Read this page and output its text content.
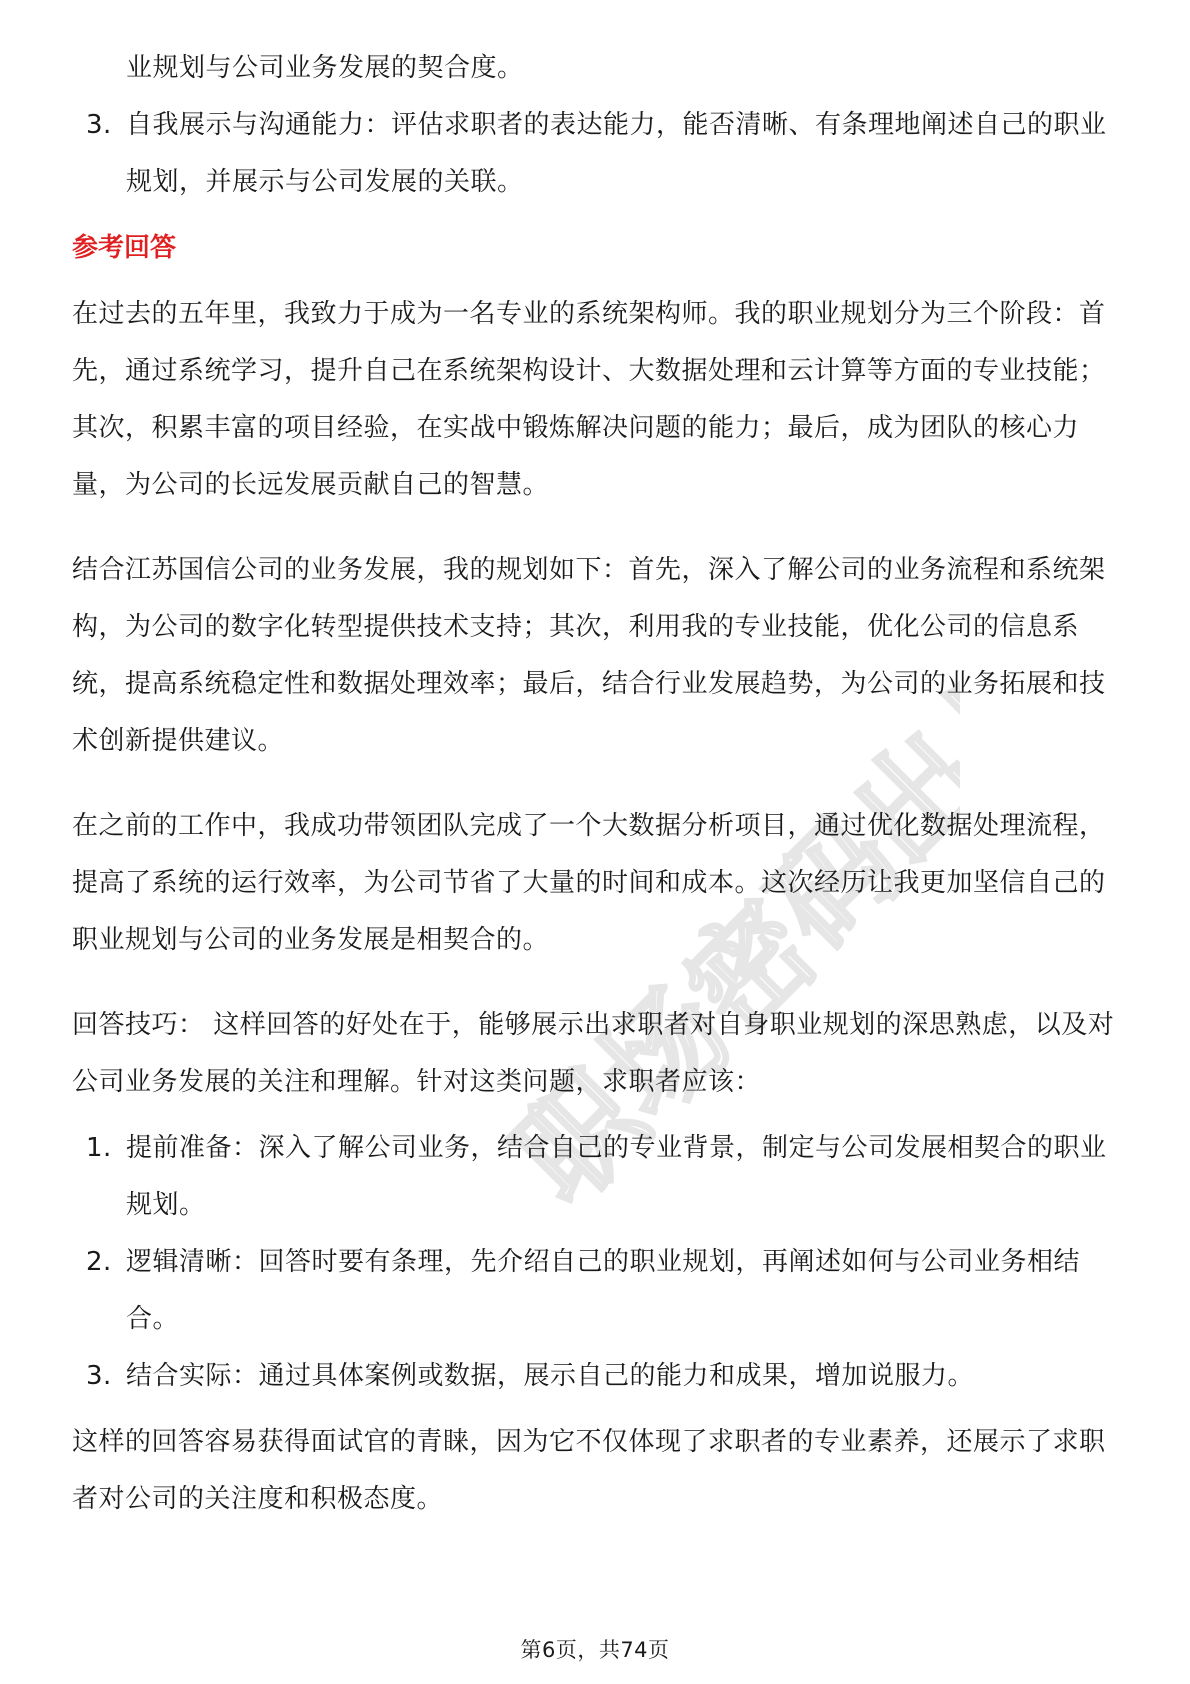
职场密码出品

业规划与公司业务发展的契合度。

3. 自我展示与沟通能力：评估求职者的表达能力，能否清晰、有条理地阐述自己的职业规划，并展示与公司发展的关联。
参考回答

在过去的五年里，我致力于成为一名专业的系统架构师。我的职业规划分为三个阶段：首先，通过系统学习，提升自己在系统架构设计、大数据处理和云计算等方面的专业技能；其次，积累丰富的项目经验，在实战中锻炼解决问题的能力；最后，成为团队的核心力量，为公司的长远发展贡献自己的智慧。

结合江苏国信公司的业务发展，我的规划如下：首先，深入了解公司的业务流程和系统架构，为公司的数字化转型提供技术支持；其次，利用我的专业技能，优化公司的信息系统，提高系统稳定性和数据处理效率；最后，结合行业发展趋势，为公司的业务拓展和技术创新提供建议。

在之前的工作中，我成功带领团队完成了一个大数据分析项目，通过优化数据处理流程，提高了系统的运行效率，为公司节省了大量的时间和成本。这次经历让我更加坚信自己的职业规划与公司的业务发展是相契合的。

回答技巧： 这样回答的好处在于，能够展示出求职者对自身职业规划的深思熟虑，以及对公司业务发展的关注和理解。针对这类问题，求职者应该：

1. 提前准备：深入了解公司业务，结合自己的专业背景，制定与公司发展相契合的职业规划。
2. 逻辑清晰：回答时要有条理，先介绍自己的职业规划，再阐述如何与公司业务相结合。
3. 结合实际：通过具体案例或数据，展示自己的能力和成果，增加说服力。

这样的回答容易获得面试官的青睐，因为它不仅体现了求职者的专业素养，还展示了求职者对公司的关注度和积极态度。

第6页，共74页
